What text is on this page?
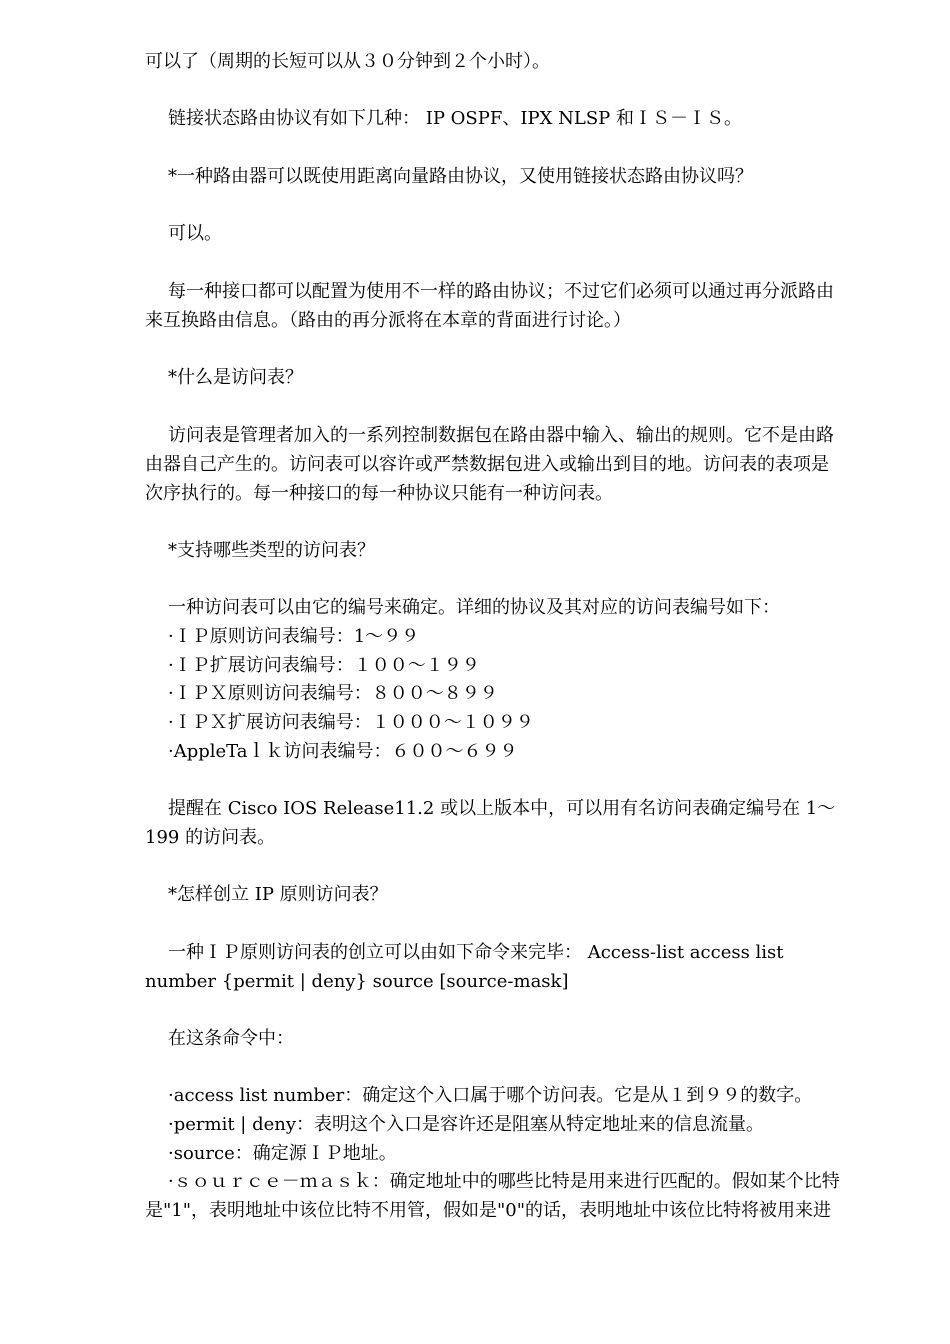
可以了（周期的长短可以从３０分钟到２个小时）。
链接状态路由协议有如下几种： IP OSPF、IPX NLSP 和ＩＳ－ＩＳ。
*一种路由器可以既使用距离向量路由协议，又使用链接状态路由协议吗？
可以。
每一种接口都可以配置为使用不一样的路由协议；不过它们必须可以通过再分派路由
来互换路由信息。（路由的再分派将在本章的背面进行讨论。）
*什么是访问表？
访问表是管理者加入的一系列控制数据包在路由器中输入、输出的规则。它不是由路
由器自己产生的。访问表可以容许或严禁数据包进入或输出到目的地。访问表的表项是
次序执行的。每一种接口的每一种协议只能有一种访问表。
*支持哪些类型的访问表？
一种访问表可以由它的编号来确定。详细的协议及其对应的访问表编号如下：
·ＩＰ原则访问表编号：1～９９
·ＩＰ扩展访问表编号：１００～１９９
·ＩＰＸ原则访问表编号：８００～８９９
·ＩＰＸ扩展访问表编号：１０００～１０９９
·AppleTaｌｋ访问表编号：６００～６９９
提醒在 Cisco IOS Release11.2 或以上版本中，可以用有名访问表确定编号在 1～
199 的访问表。
*怎样创立 IP 原则访问表？
一种ＩＰ原则访问表的创立可以由如下命令来完毕： Access-list access list
number {permit | deny} source [source-mask]
在这条命令中：
·access list number：确定这个入口属于哪个访问表。它是从１到９９的数字。
·permit | deny：表明这个入口是容许还是阻塞从特定地址来的信息流量。
·source：确定源ＩＰ地址。
·ｓｏｕｒｃｅ－ｍａｓｋ：确定地址中的哪些比特是用来进行匹配的。假如某个比特
是"1"，表明地址中该位比特不用管，假如是"0"的话，表明地址中该位比特将被用来进
